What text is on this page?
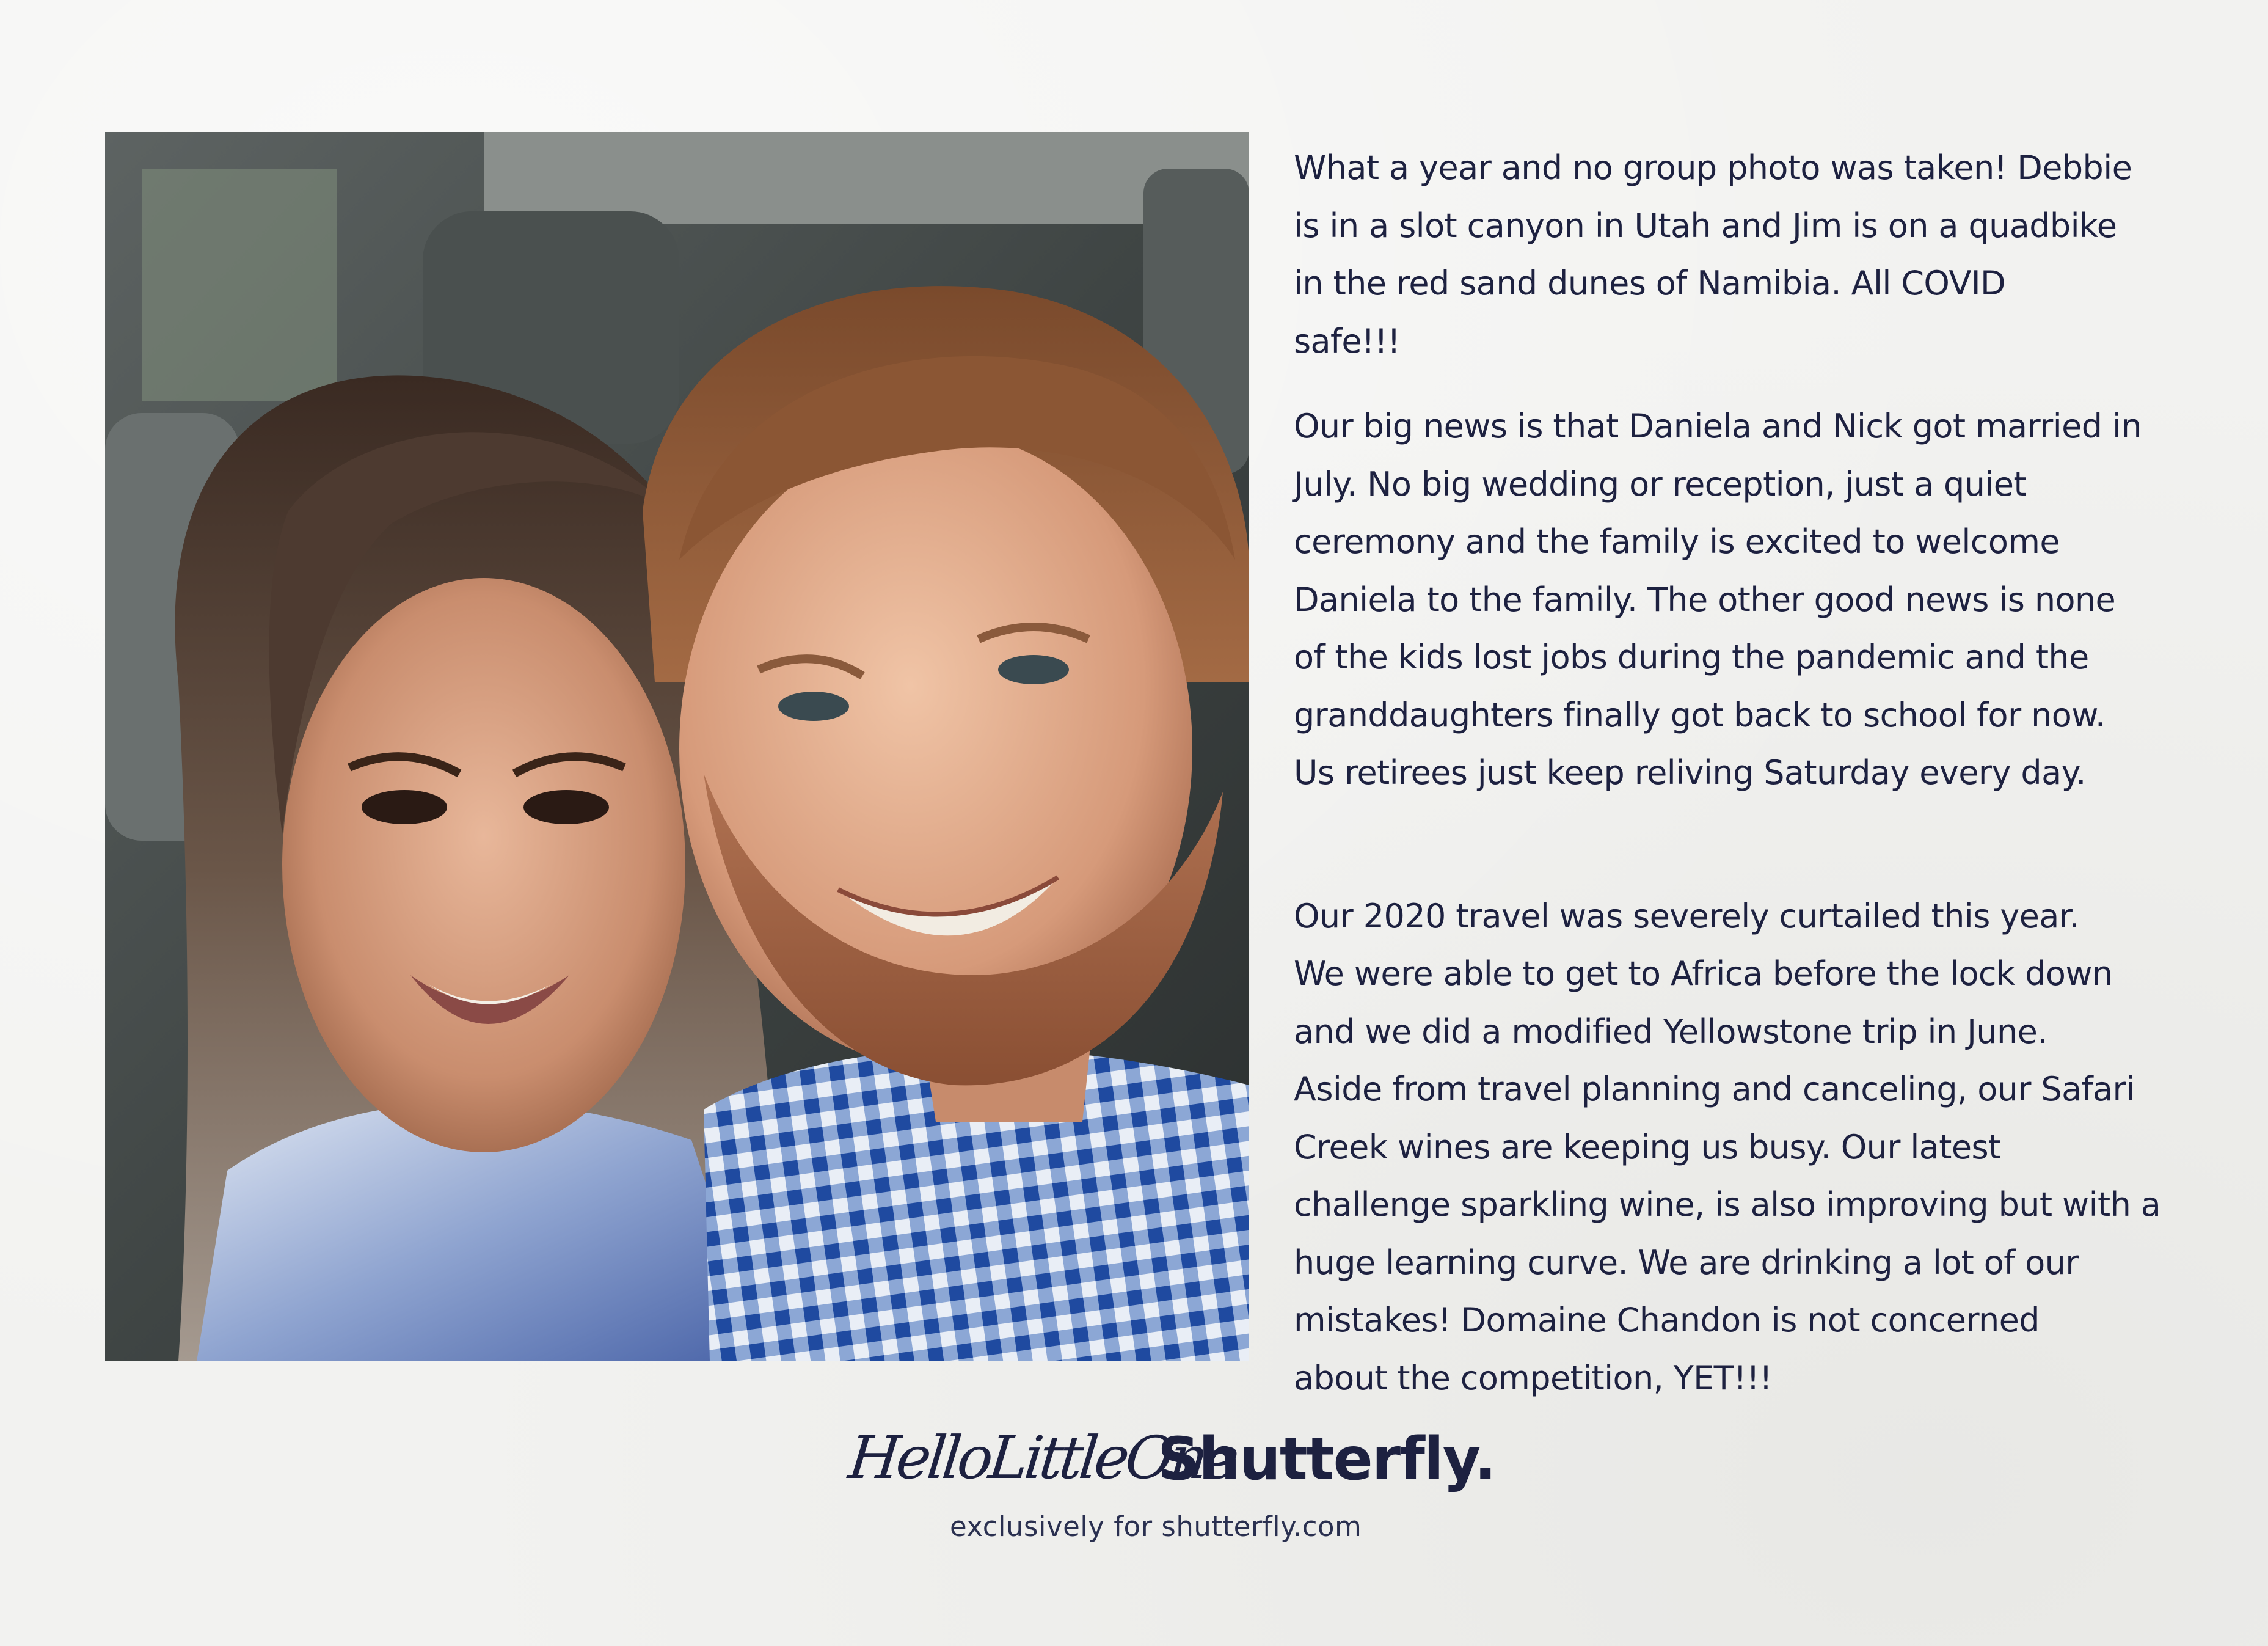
What a year and no group photo was taken! Debbie
is in a slot canyon in Utah and Jim is on a quadbike
in the red sand dunes of Namibia. All COVID
safe!!!

Our big news is that Daniela and Nick got married in
July. No big wedding or reception, just a quiet
ceremony and the family is excited to welcome
Daniela to the family. The other good news is none
of the kids lost jobs during the pandemic and the
granddaughters finally got back to school for now.
Us retirees just keep reliving Saturday every day.

Our 2020 travel was severely curtailed this year.
We were able to get to Africa before the lock down
and we did a modified Yellowstone trip in June.
Aside from travel planning and canceling, our Safari
Creek wines are keeping us busy. Our latest
challenge sparkling wine, is also improving but with a
huge learning curve. We are drinking a lot of our
mistakes! Domaine Chandon is not concerned
about the competition, YET!!!

HelloLittleOne
Shutterfly.
exclusively for shutterfly.com
